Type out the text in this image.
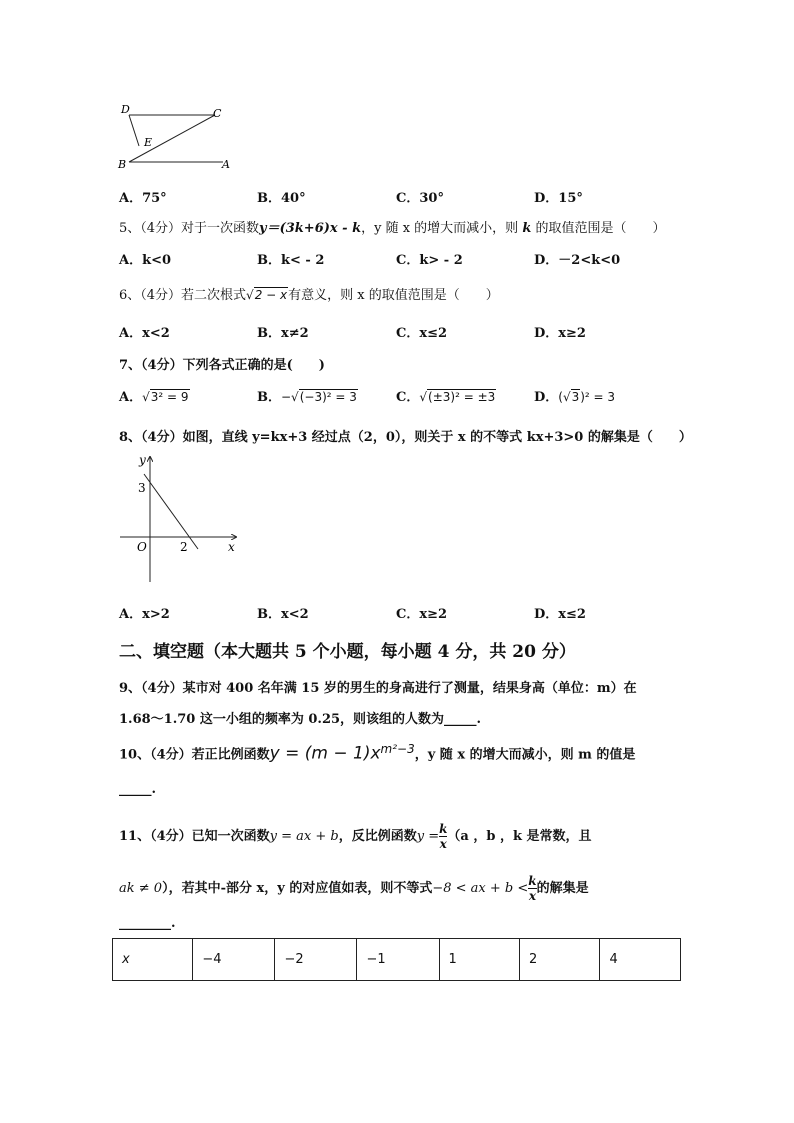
D	C
E
B	A
A．75°	B．40°	C．30°	D．15°
5、（4分）对于一次函数y＝(3k+6)x - k，y 随 x 的增大而减小，则 k 的取值范围是（　　）
A．k<0	B．k< - 2	C．k> - 2	D．－2<k<0
6、（4分）若二次根式√2 − x有意义，则 x 的取值范围是（　　）
A．x<2	B．x≠2	C．x≤2	D．x≥2
7、（4分）下列各式正确的是(　　)
A．√3² = 9	B．−√(−3)² = 3	C．√(±3)² = ±3	D．(√3)² = 3
8、（4分）如图，直线 y=kx+3 经过点（2，0），则关于 x 的不等式 kx+3>0 的解集是（　　）
y
3
O	2	x
A．x>2	B．x<2	C．x≥2	D．x≤2
二、填空题（本大题共 5 个小题，每小题 4 分，共 20 分）
9、（4分）某市对 400 名年满 15 岁的男生的身高进行了测量，结果身高（单位：m）在
1.68～1.70 这一小组的频率为 0.25，则该组的人数为_____.
10、（4分）若正比例函数$y = (m - 1)x^{m^2-3}$，y 随 x 的增大而减小，则 m 的值是
_____.
11、（4分）已知一次函数y = ax + b，反比例函数$y = \frac{k}{x} (a$ ，b ，k 是常数，且
ak ≠ 0），若其中-部分 x，y 的对应值如表，则不等式−8 < ax + $b < \frac{k}{x}$ 的解集是
________.
x	−4	−2	−1	1	2	4
